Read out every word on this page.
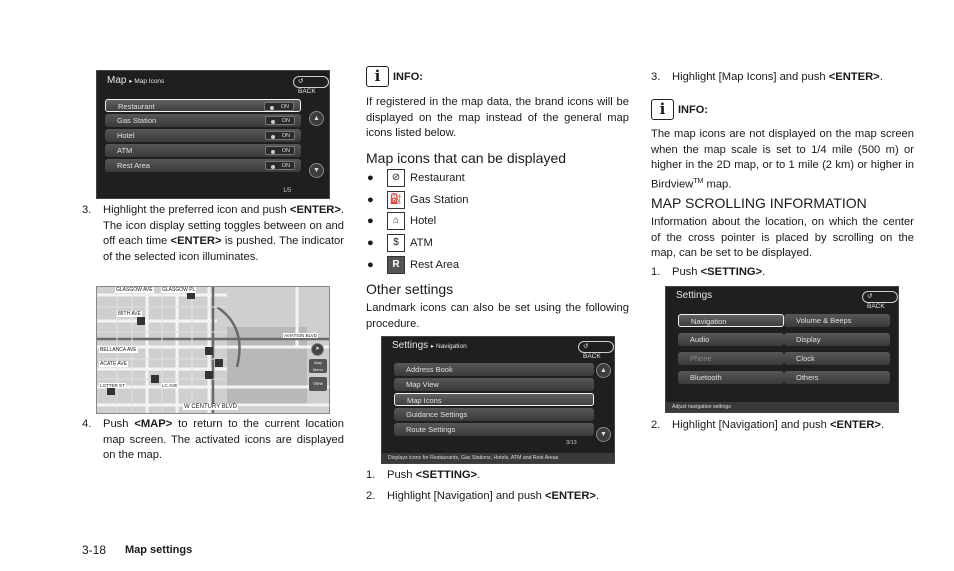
Map ▸ Map Icons	↺ BACK
Restaurant	ON
Gas Station	ON
Hotel	ON
ATM	ON
Rest Area	ON
▲
▼
1/5
3. Highlight the preferred icon and push <ENTER>. The icon display setting toggles between on and off each time <ENTER> is pushed. The indicator of the selected icon illuminates.
GLASGOW AVE GLASGOW PL
85TH AVE
BELLANCA AVE
ACATE AVE
W CENTURY BLVD
AVIATION BLVD
LC AVE
LOTTER ST
➤
Map Menu
View
4. Push <MAP> to return to the current location map screen. The activated icons are displayed on the map.
i	INFO:
If registered in the map data, the brand icons will be displayed on the map instead of the general map icons listed below.
Map icons that can be displayed
●	⊘ Restaurant
● ⛽ Gas Station
●	⌂ Hotel
●	$	ATM
●	R Rest Area
Other settings
Landmark icons can also be set using the following procedure.
Settings ▸ Navigation	↺ BACK
Address Book
Map View
Map Icons
Guidance Settings
Route Settings
▲
▼
3/13
Displays icons for Restaurants, Gas Stations, Hotels, ATM and Rest Areas
1. Push <SETTING>.
2. Highlight [Navigation] and push <ENTER>.
3. Highlight [Map Icons] and push <ENTER>.
i	INFO:
The map icons are not displayed on the map screen when the map scale is set to 1/4 mile (500 m) or higher in the 2D map, or to 1 mile (2 km) or higher in Birdview™ map.
MAP SCROLLING INFORMATION
Information about the location, on which the center of the cross pointer is placed by scrolling on the map, can be set to be displayed.
1. Push <SETTING>.
Settings	↺ BACK
Navigation
Audio
Phone
Bluetooth
Volume & Beeps
Display
Clock
Others
Adjust navigation settings
2. Highlight [Navigation] and push <ENTER>.
3-18 Map settings
